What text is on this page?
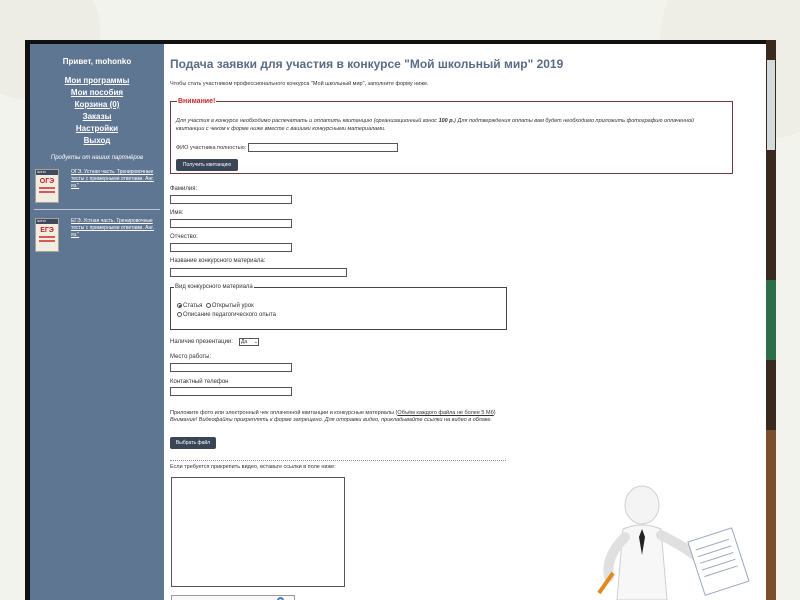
Привет, mohonko
Мои программы
Мои пособия
Корзина (0)
Заказы
Настройки
Выход
Продукты от наших партнёров
ФИПИ
ОГЭ
ОГЭ. Устная часть. Тренировочные тесты с примерными ответами. Анг. яз."
ФИПИ
ЕГЭ
ЕГЭ. Устная часть. Тренировочные тесты с примерными ответами. Анг. яз."
Подача заявки для участия в конкурсе "Мой школьный мир" 2019
Чтобы стать участником профессионального конкурса "Мой школьный мир", заполните форму ниже.
Внимание!
Для участия в конкурсе необходимо распечатать и оплатить квитанцию (организационный взнос 100 р.) Для подтверждения оплаты вам будет необходимо приложить фотографию оплаченной квитанции с чеком к форме ниже вместе с вашими конкурсными материалами.
ФИО участника полностью:
Получить квитанцию
Фамилия:
Имя:
Отчество:
Название конкурсного материала:
Вид конкурсного материала
Статья Открытый урок
Описание педагогического опыта
Наличие презентации:	Да ⌄
Место работы:
Контактный телефон
Приложите фото или электронный чек оплаченной квитанции и конкурсные материалы (Объём каждого файла не более 5 Мб) Внимание! Видеофайлы прикреплять к форме запрещено. Для отправки видео, прикладывайте ссылки на видео в облаке.
Выбрать файл
Если требуется прикрепить видео, вставьте ссылки в поле ниже:
